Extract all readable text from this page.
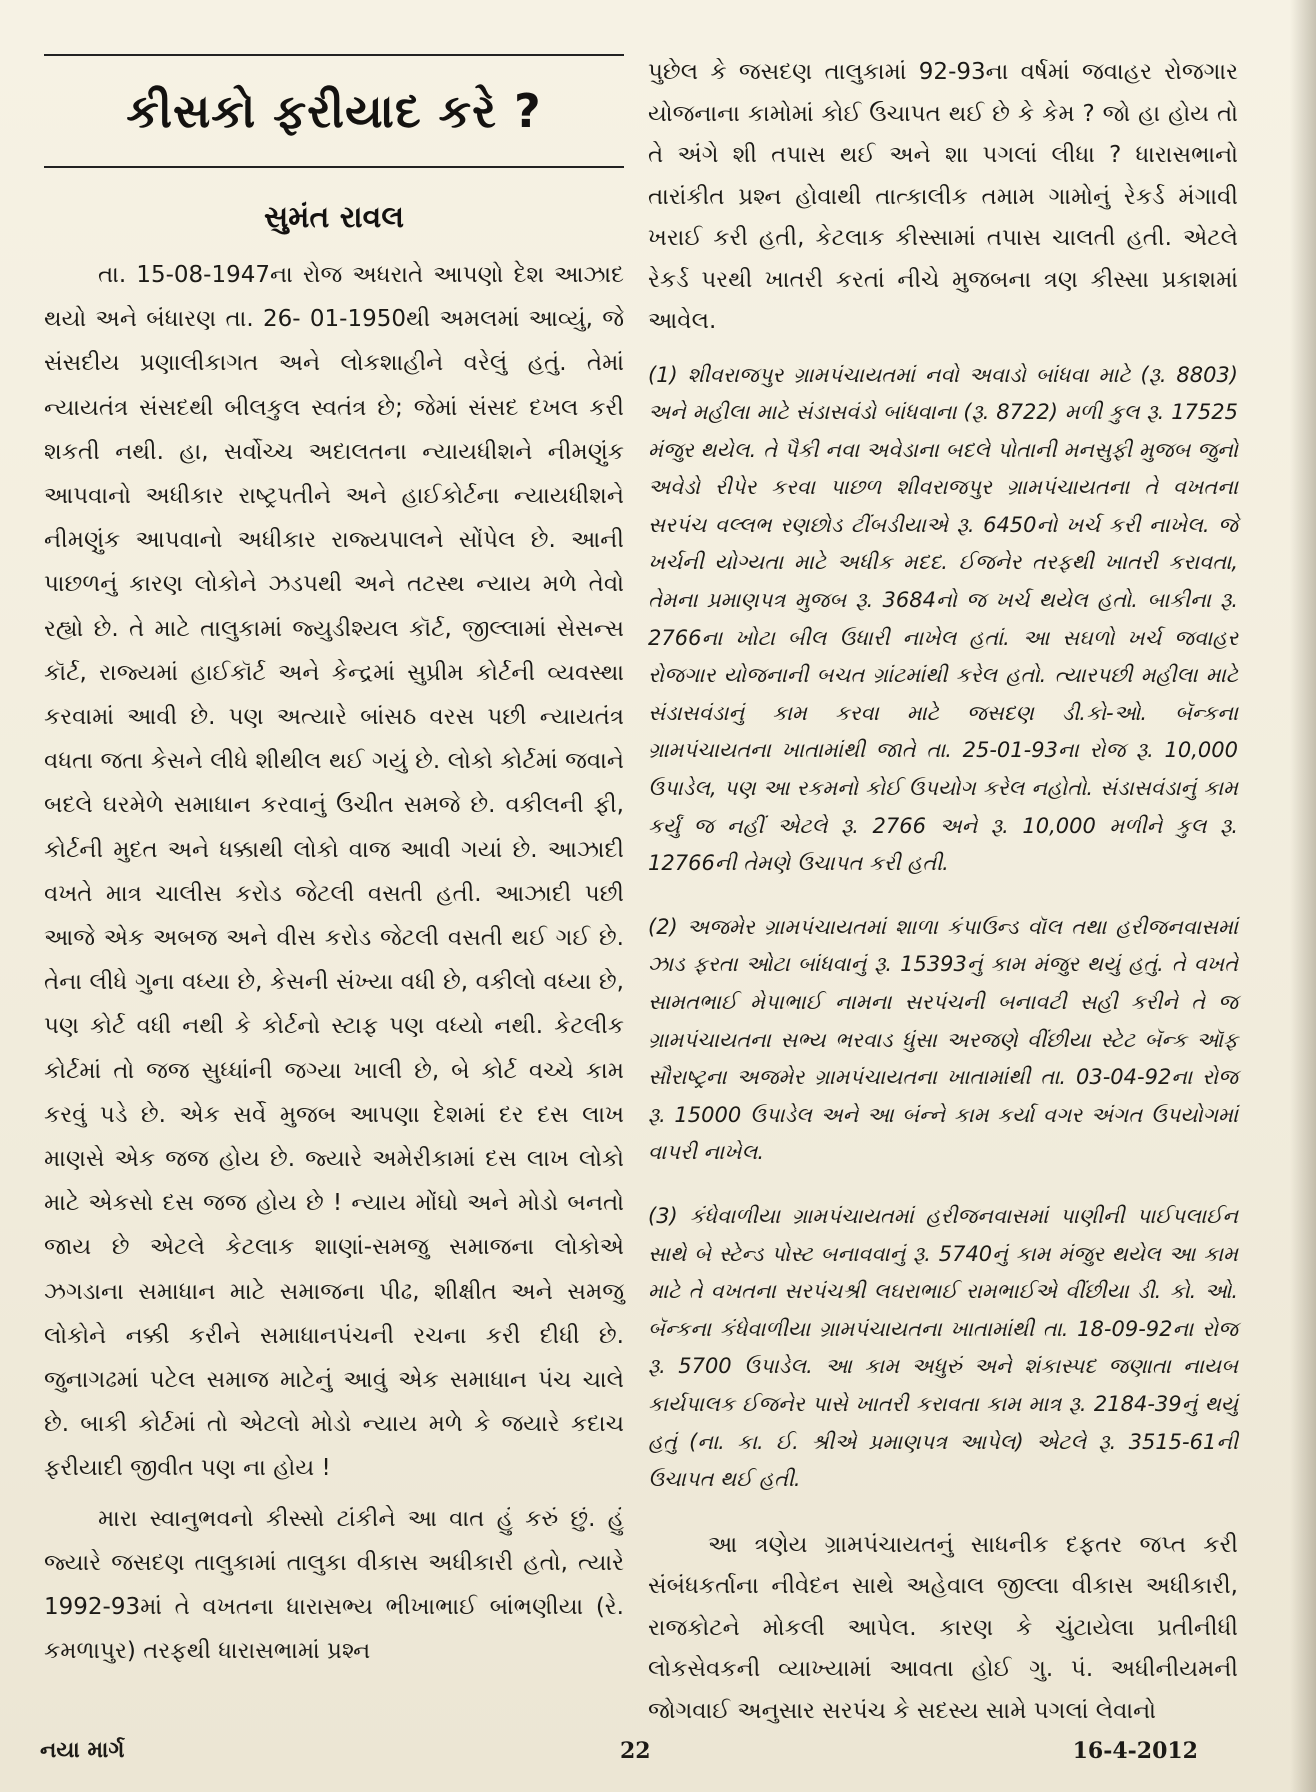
કીસકો ફરીયાદ કરે ?
સુમંત રાવલ

તા. 15-08-1947ના રોજ અધરાતે આપણો દેશ આઝાદ થયો અને બંધારણ તા. 26- 01-1950થી અમલમાં આવ્યું, જે સંસદીય પ્રણાલીકાગત અને લોકશાહીને વરેલું હતું. તેમાં ન્યાયતંત્ર સંસદથી બીલકુલ સ્વતંત્ર છે; જેમાં સંસદ દખલ કરી શકતી નથી. હા, સર્વોચ્ચ અદાલતના ન્યાયધીશને નીમણુંક આપવાનો અધીકાર રાષ્ટ્રપતીને અને હાઈકોર્ટના ન્યાયધીશને નીમણુંક આપવાનો અધીકાર રાજ્યપાલને સોંપેલ છે. આની પાછળનું કારણ લોકોને ઝડપથી અને તટસ્થ ન્યાય મળે તેવો રહ્યો છે. તે માટે તાલુકામાં જ્યુડીશ્યલ કૉર્ટ, જીલ્લામાં સેસન્સ કૉર્ટ, રાજ્યમાં હાઈકૉર્ટ અને કેન્દ્રમાં સુપ્રીમ કોર્ટની વ્યવસ્થા કરવામાં આવી છે. પણ અત્યારે બાંસઠ વરસ પછી ન્યાયતંત્ર વધતા જતા કેસને લીધે શીથીલ થઈ ગયું છે. લોકો કોર્ટમાં જવાને બદલે ઘરમેળે સમાધાન કરવાનું ઉચીત સમજે છે. વકીલની ફી, કોર્ટની મુદત અને ધક્કાથી લોકો વાજ આવી ગયાં છે. આઝાદી વખતે માત્ર ચાલીસ કરોડ જેટલી વસતી હતી. આઝાદી પછી આજે એક અબજ અને વીસ કરોડ જેટલી વસતી થઈ ગઈ છે. તેના લીધે ગુના વધ્યા છે, કેસની સંખ્યા વધી છે, વકીલો વધ્યા છે, પણ કોર્ટ વધી નથી કે કોર્ટનો સ્ટાફ પણ વધ્યો નથી. કેટલીક કોર્ટમાં તો જજ સુધ્ધાંની જગ્યા ખાલી છે, બે કોર્ટ વચ્ચે કામ કરવું પડે છે. એક સર્વે મુજબ આપણા દેશમાં દર દસ લાખ માણસે એક જજ હોય છે. જ્યારે અમેરીકામાં દસ લાખ લોકો માટે એકસો દસ જજ હોય છે ! ન્યાય મોંઘો અને મોડો બનતો જાય છે એટલે કેટલાક શાણાં-સમજુ સમાજના લોકોએ ઝગડાના સમાધાન માટે સમાજના પીઢ, શીક્ષીત અને સમજુ લોકોને નક્કી કરીને સમાધાનપંચની રચના કરી દીધી છે. જુનાગઢમાં પટેલ સમાજ માટેનું આવું એક સમાધાન પંચ ચાલે છે. બાકી કોર્ટમાં તો એટલો મોડો ન્યાય મળે કે જયારે કદાચ ફરીયાદી જીવીત પણ ના હોય !

મારા સ્વાનુભવનો કીસ્સો ટાંકીને આ વાત હું કરું છું. હું જ્યારે જસદણ તાલુકામાં તાલુકા વીકાસ અધીકારી હતો, ત્યારે 1992-93માં તે વખતના ધારાસભ્ય ભીખાભાઈ બાંભણીયા (રે. કમળાપુર) તરફથી ધારાસભામાં પ્રશ્ન

પુછેલ કે જસદણ તાલુકામાં 92-93ના વર્ષમાં જવાહર રોજગાર યોજનાના કામોમાં કોઈ ઉચાપત થઈ છે કે કેમ ? જો હા હોય તો તે અંગે શી તપાસ થઈ અને શા પગલાં લીધા ? ધારાસભાનો તારાંકીત પ્રશ્ન હોવાથી તાત્કાલીક તમામ ગામોનું રેકર્ડ મંગાવી ખરાઈ કરી હતી, કેટલાક કીસ્સામાં તપાસ ચાલતી હતી. એટલે રેકર્ડ પરથી ખાતરી કરતાં નીચે મુજબના ત્રણ કીસ્સા પ્રકાશમાં આવેલ.

(1) શીવરાજપુર ગ્રામપંચાયતમાં નવો અવાડો બાંધવા માટે (રૂ. 8803) અને મહીલા માટે સંડાસવંડો બાંધવાના (રૂ. 8722) મળી કુલ રૂ. 17525 મંજુર થયેલ. તે પૈકી નવા અવેડાના બદલે પોતાની મનસુફી મુજબ જુનો અવેડો રીપેર કરવા પાછળ શીવરાજપુર ગ્રામપંચાયતના તે વખતના સરપંચ વલ્લભ રણછોડ ટીંબડીયાએ રૂ. 6450નો ખર્ચ કરી નાખેલ. જે ખર્ચની યોગ્યતા માટે અધીક મદદ. ઈજનેર તરફથી ખાતરી કરાવતા, તેમના પ્રમાણપત્ર મુજબ રૂ. 3684નો જ ખર્ચ થયેલ હતો. બાકીના રૂ. 2766ના ખોટા બીલ ઉધારી નાખેલ હતાં. આ સઘળો ખર્ચ જવાહર રોજગાર યોજનાની બચત ગ્રાંટમાંથી કરેલ હતો. ત્યારપછી મહીલા માટે સંડાસવંડાનું કામ કરવા માટે જસદણ ડી.કો-ઓ. બૅન્કના ગ્રામપંચાયતના ખાતામાંથી જાતે તા. 25-01-93ના રોજ રૂ. 10,000 ઉપાડેલ, પણ આ રકમનો કોઈ ઉપયોગ કરેલ નહોતો. સંડાસવંડાનું કામ કર્યું જ નહીં એટલે રૂ. 2766 અને રૂ. 10,000 મળીને કુલ રૂ. 12766ની તેમણે ઉચાપત કરી હતી.

(2) અજમેર ગ્રામપંચાયતમાં શાળા કંપાઉન્ડ વૉલ તથા હરીજનવાસમાં ઝાડ ફરતા ઓટા બાંધવાનું રૂ. 15393નું કામ મંજુર થયું હતું. તે વખતે સામતભાઈ મેપાભાઈ નામના સરપંચની બનાવટી સહી કરીને તે જ ગ્રામપંચાયતના સભ્ય ભરવાડ ધુંસા અરજણે વીંછીયા સ્ટેટ બૅન્ક ઑફ સૌરાષ્ટ્રના અજમેર ગ્રામપંચાયતના ખાતામાંથી તા. 03-04-92ના રોજ રૂ. 15000 ઉપાડેલ અને આ બંન્ને કામ કર્યા વગર અંગત ઉપયોગમાં વાપરી નાખેલ.

(3) કંધેવાળીયા ગ્રામપંચાયતમાં હરીજનવાસમાં પાણીની પાઈપલાઈન સાથે બે સ્ટેન્ડ પોસ્ટ બનાવવાનું રૂ. 5740નું કામ મંજુર થયેલ આ કામ માટે તે વખતના સરપંચશ્રી લઘરાભાઈ રામભાઈએ વીંછીયા ડી. કો. ઓ. બૅન્કના કંધેવાળીયા ગ્રામપંચાયતના ખાતામાંથી તા. 18-09-92ના રોજ રૂ. 5700 ઉપાડેલ. આ કામ અધુરું અને શંકાસ્પદ જણાતા નાયબ કાર્યપાલક ઈજનેર પાસે ખાતરી કરાવતા કામ માત્ર રૂ. 2184-39નું થયું હતું (ના. કા. ઈ. શ્રીએ પ્રમાણપત્ર આપેલ) એટલે રૂ. 3515-61ની ઉચાપત થઈ હતી.

આ ત્રણેય ગ્રામપંચાયતનું સાધનીક દફતર જપ્ત કરી સંબંધકર્તાના નીવેદન સાથે અહેવાલ જીલ્લા વીકાસ અધીકારી, રાજકોટને મોકલી આપેલ. કારણ કે ચુંટાયેલા પ્રતીનીધી લોકસેવકની વ્યાખ્યામાં આવતા હોઈ ગુ. પં. અધીનીયમની જોગવાઈ અનુસાર સરપંચ કે સદસ્ય સામે પગલાં લેવાનો

નયા માર્ગ	22	16-4-2012
